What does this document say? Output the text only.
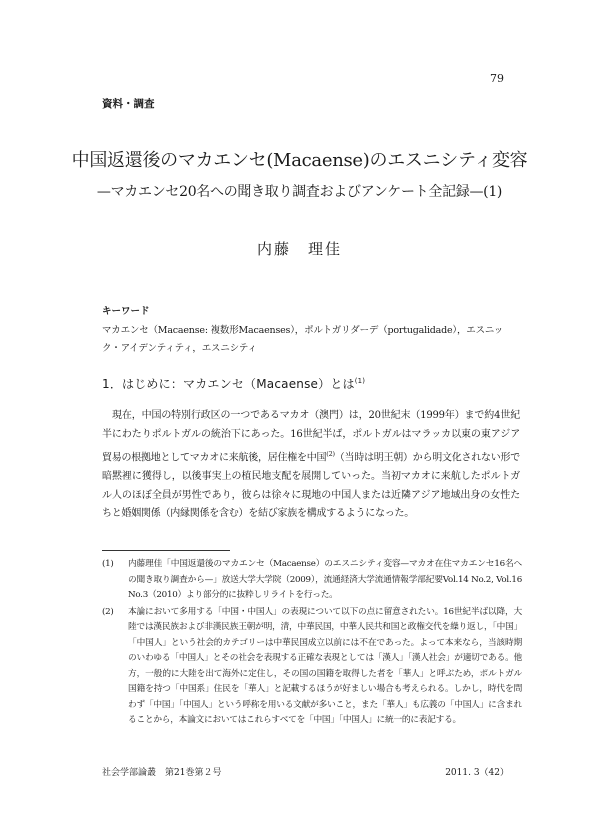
79
資料・調査
中国返還後のマカエンセ(Macaense)のエスニシティ変容
—マカエンセ20名への聞き取り調査およびアンケート全記録—(1)
内藤　理佳
キーワード
マカエンセ（Macaense: 複数形Macaenses），ポルトガリダーデ（portugalidade），エスニック・アイデンティティ，エスニシティ
1．はじめに：マカエンセ（Macaense）とは$^{(1)}$

現在，中国の特別行政区の一つであるマカオ（澳門）は，20世紀末（1999年）まで約4世紀半にわたりポルトガルの統治下にあった。16世紀半ば，ポルトガルはマラッカ以東の東アジア貿易の根拠地としてマカオに来航後，居住権を中国$^{(2)}$（当時は明王朝）から明文化されない形で暗黙裡に獲得し，以後事実上の植民地支配を展開していった。当初マカオに来航したポルトガル人のほぼ全員が男性であり，彼らは徐々に現地の中国人または近隣アジア地域出身の女性たちと婚姻関係（内縁関係を含む）を結び家族を構成するようになった。

(1)	内藤理佳「中国返還後のマカエンセ（Macaense）のエスニシティ変容—マカオ在住マカエンセ16名への聞き取り調査から—」放送大学大学院（2009），流通経済大学流通情報学部紀要Vol.14 No.2, Vol.16 No.3（2010）より部分的に抜粋しリライトを行った。
(2)	本論において多用する「中国・中国人」の表現について以下の点に留意されたい。16世紀半ば以降，大陸では漢民族および非漢民族王朝が明，清，中華民国，中華人民共和国と政権交代を繰り返し，「中国」「中国人」という社会的カテゴリーは中華民国成立以前には不在であった。よって本来なら，当該時期のいわゆる「中国人」とその社会を表現する正確な表現としては「漢人」「漢人社会」が適切である。他方，一般的に大陸を出て海外に定住し，その国の国籍を取得した者を「華人」と呼ぶため，ポルトガル国籍を持つ「中国系」住民を「華人」と記載するほうが好ましい場合も考えられる。しかし，時代を問わず「中国」「中国人」という呼称を用いる文献が多いこと，また「華人」も広義の「中国人」に含まれることから，本論文においてはこれらすべてを「中国」「中国人」に統一的に表記する。
社会学部論叢　第21巻第２号	2011. 3（42）
